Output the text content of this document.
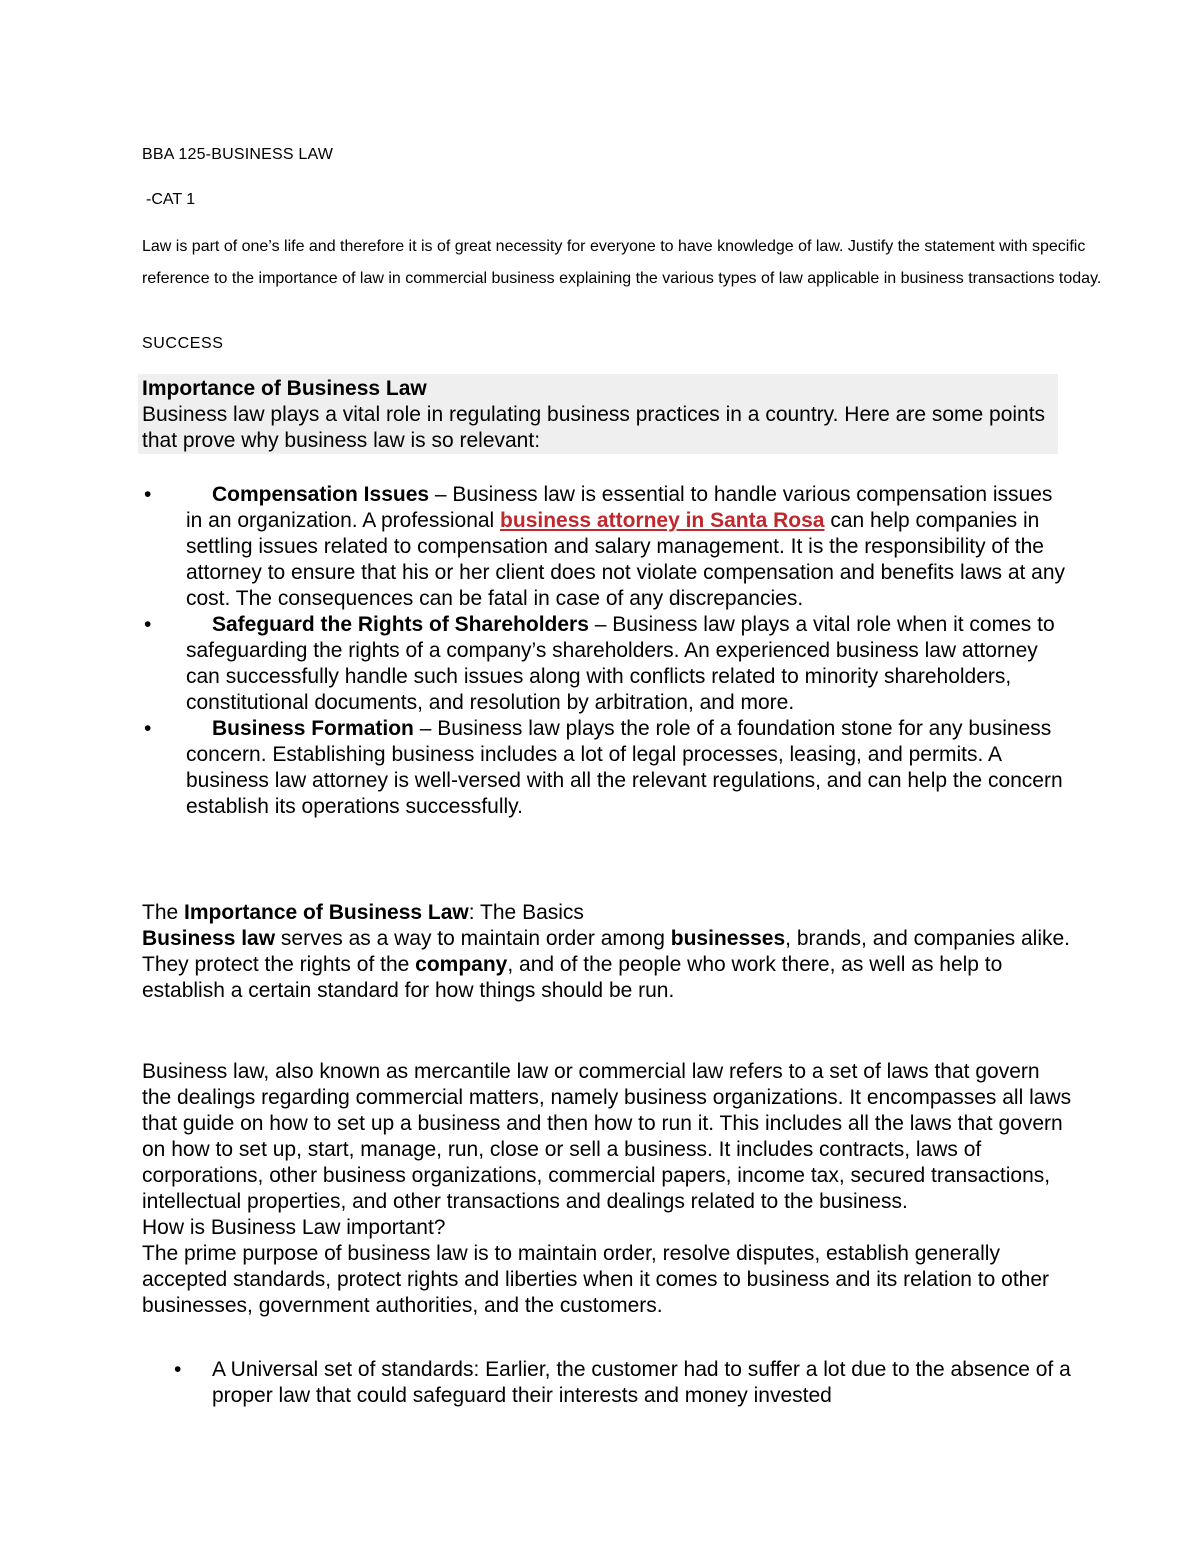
BBA 125-BUSINESS LAW
-CAT 1
Law is part of one’s life and therefore it is of great necessity for everyone to have knowledge of law. Justify the statement with specific reference to the importance of law in commercial business explaining the various types of law applicable in business transactions today.
SUCCESS
Importance of Business Law
Business law plays a vital role in regulating business practices in a country. Here are some points that prove why business law is so relevant:
•	Compensation Issues – Business law is essential to handle various compensation issues in an organization. A professional business attorney in Santa Rosa can help companies in settling issues related to compensation and salary management. It is the responsibility of the attorney to ensure that his or her client does not violate compensation and benefits laws at any cost. The consequences can be fatal in case of any discrepancies.
•	Safeguard the Rights of Shareholders – Business law plays a vital role when it comes to safeguarding the rights of a company’s shareholders. An experienced business law attorney can successfully handle such issues along with conflicts related to minority shareholders, constitutional documents, and resolution by arbitration, and more.
•	Business Formation – Business law plays the role of a foundation stone for any business concern. Establishing business includes a lot of legal processes, leasing, and permits. A business law attorney is well-versed with all the relevant regulations, and can help the concern establish its operations successfully.
The Importance of Business Law: The Basics
Business law serves as a way to maintain order among businesses, brands, and companies alike. They protect the rights of the company, and of the people who work there, as well as help to establish a certain standard for how things should be run.
Business law, also known as mercantile law or commercial law refers to a set of laws that govern the dealings regarding commercial matters, namely business organizations. It encompasses all laws that guide on how to set up a business and then how to run it. This includes all the laws that govern on how to set up, start, manage, run, close or sell a business. It includes contracts, laws of corporations, other business organizations, commercial papers, income tax, secured transactions, intellectual properties, and other transactions and dealings related to the business.
How is Business Law important?
The prime purpose of business law is to maintain order, resolve disputes, establish generally accepted standards, protect rights and liberties when it comes to business and its relation to other businesses, government authorities, and the customers.
• A Universal set of standards: Earlier, the customer had to suffer a lot due to the absence of a proper law that could safeguard their interests and money invested
